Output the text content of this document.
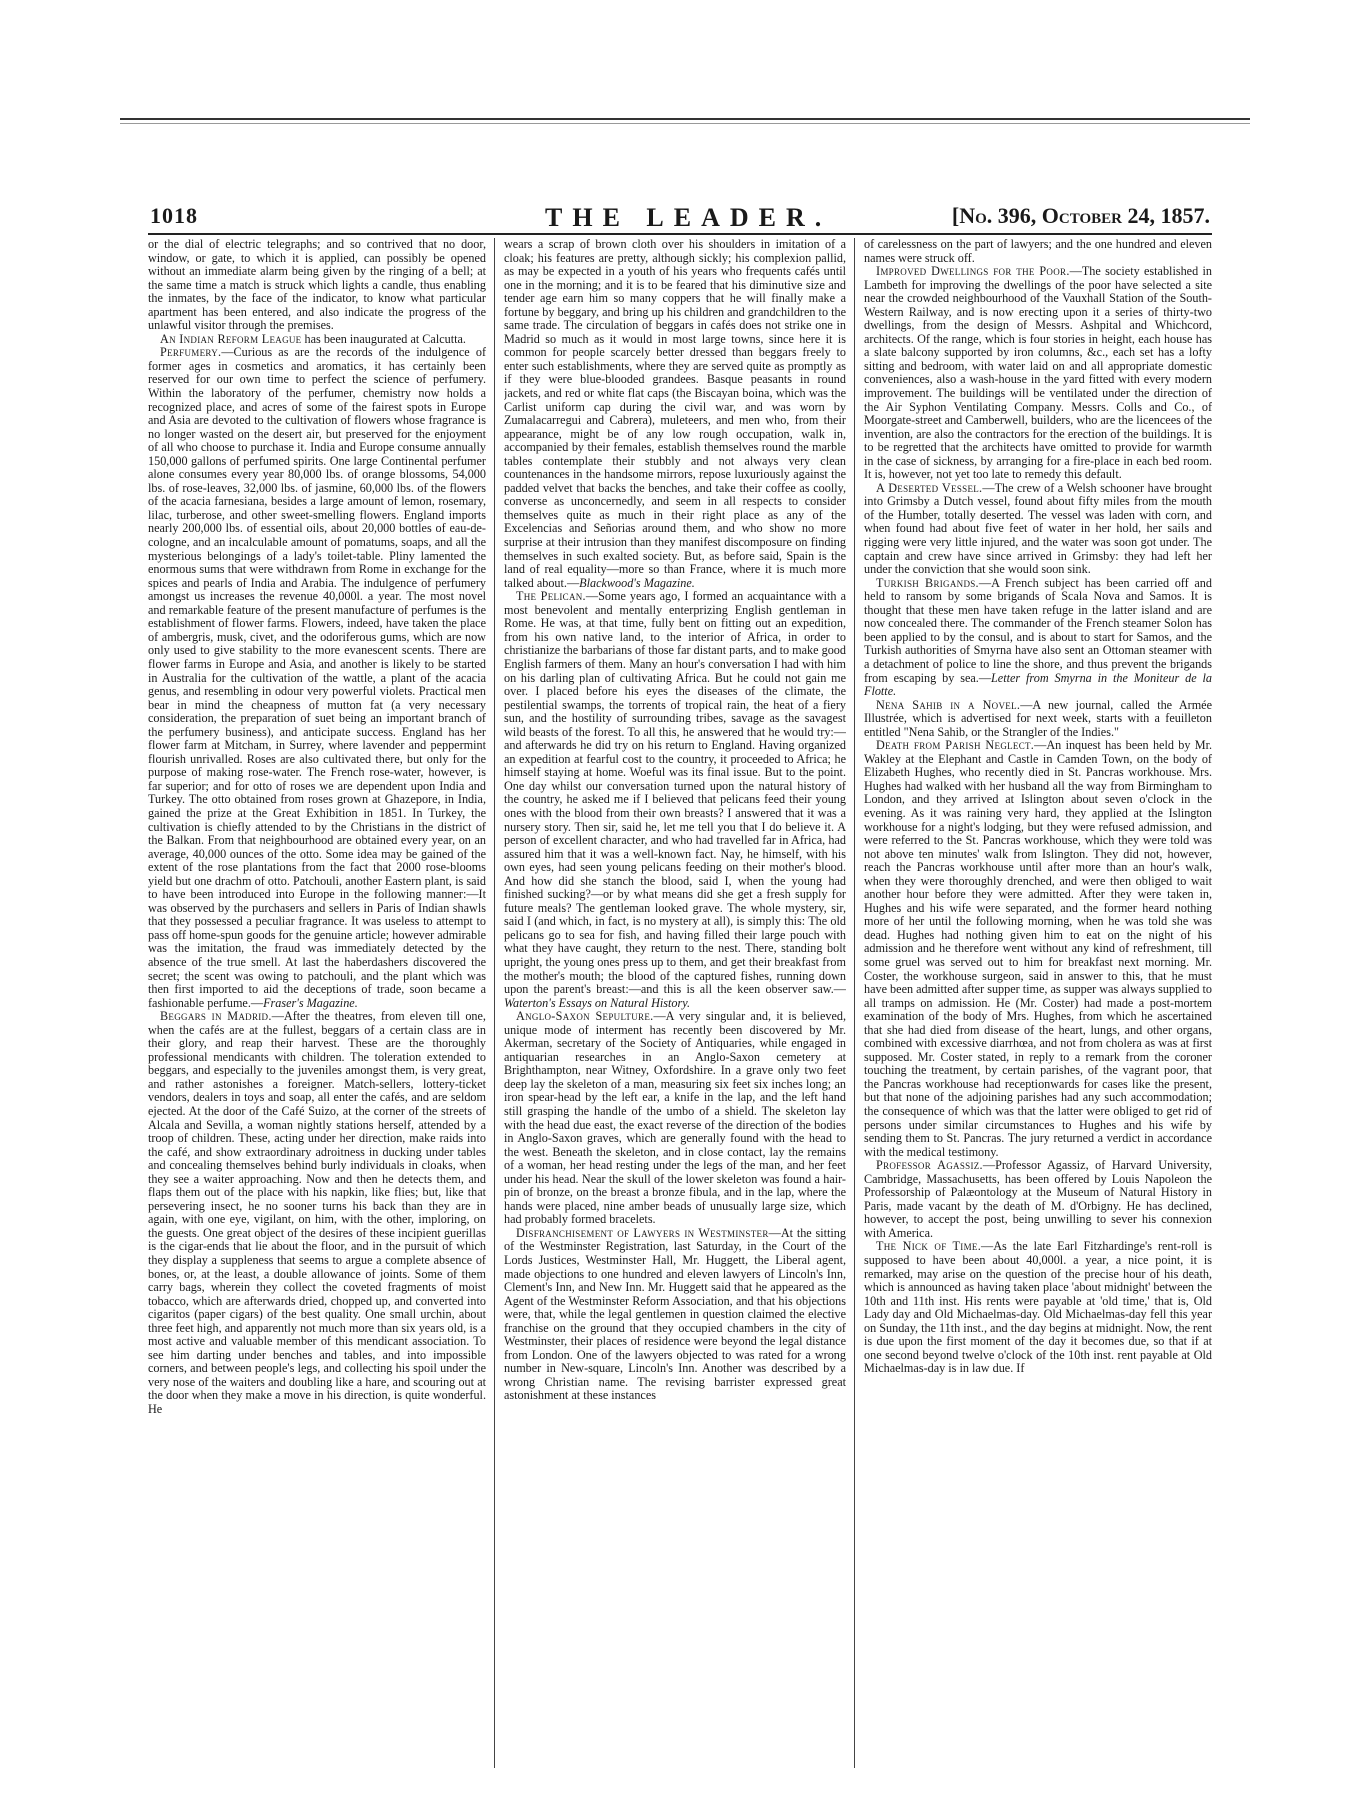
1018	THE LEADER.	[No. 396, October 24, 1857.

or the dial of electric telegraphs; and so contrived that no door, window, or gate, to which it is applied, can possibly be opened without an immediate alarm being given by the ringing of a bell; at the same time a match is struck which lights a candle, thus enabling the inmates, by the face of the indicator, to know what particular apartment has been entered, and also indicate the progress of the unlawful visitor through the premises.

An Indian Reform League has been inaugurated at Calcutta.

Perfumery.—Curious as are the records of the indulgence of former ages in cosmetics and aromatics, it has certainly been reserved for our own time to perfect the science of perfumery. Within the laboratory of the perfumer, chemistry now holds a recognized place, and acres of some of the fairest spots in Europe and Asia are devoted to the cultivation of flowers whose fragrance is no longer wasted on the desert air, but preserved for the enjoyment of all who choose to purchase it. India and Europe consume annually 150,000 gallons of perfumed spirits. One large Continental perfumer alone consumes every year 80,000 lbs. of orange blossoms, 54,000 lbs. of rose-leaves, 32,000 lbs. of jasmine, 60,000 lbs. of the flowers of the acacia farnesiana, besides a large amount of lemon, rosemary, lilac, turberose, and other sweet-smelling flowers. England imports nearly 200,000 lbs. of essential oils, about 20,000 bottles of eau-de-cologne, and an incalculable amount of pomatums, soaps, and all the mysterious belongings of a lady's toilet-table. Pliny lamented the enormous sums that were withdrawn from Rome in exchange for the spices and pearls of India and Arabia. The indulgence of perfumery amongst us increases the revenue 40,000l. a year. The most novel and remarkable feature of the present manufacture of perfumes is the establishment of flower farms. Flowers, indeed, have taken the place of ambergris, musk, civet, and the odoriferous gums, which are now only used to give stability to the more evanescent scents. There are flower farms in Europe and Asia, and another is likely to be started in Australia for the cultivation of the wattle, a plant of the acacia genus, and resembling in odour very powerful violets. Practical men bear in mind the cheapness of mutton fat (a very necessary consideration, the preparation of suet being an important branch of the perfumery business), and anticipate success. England has her flower farm at Mitcham, in Surrey, where lavender and peppermint flourish unrivalled. Roses are also cultivated there, but only for the purpose of making rose-water. The French rose-water, however, is far superior; and for otto of roses we are dependent upon India and Turkey. The otto obtained from roses grown at Ghazepore, in India, gained the prize at the Great Exhibition in 1851. In Turkey, the cultivation is chiefly attended to by the Christians in the district of the Balkan. From that neighbourhood are obtained every year, on an average, 40,000 ounces of the otto. Some idea may be gained of the extent of the rose plantations from the fact that 2000 rose-blooms yield but one drachm of otto. Patchouli, another Eastern plant, is said to have been introduced into Europe in the following manner:—It was observed by the purchasers and sellers in Paris of Indian shawls that they possessed a peculiar fragrance. It was useless to attempt to pass off home-spun goods for the genuine article; however admirable was the imitation, the fraud was immediately detected by the absence of the true smell. At last the haberdashers discovered the secret; the scent was owing to patchouli, and the plant which was then first imported to aid the deceptions of trade, soon became a fashionable perfume.—Fraser's Magazine.

Beggars in Madrid.—After the theatres, from eleven till one, when the cafés are at the fullest, beggars of a certain class are in their glory, and reap their harvest. These are the thoroughly professional mendicants with children. The toleration extended to beggars, and especially to the juveniles amongst them, is very great, and rather astonishes a foreigner. Match-sellers, lottery-ticket vendors, dealers in toys and soap, all enter the cafés, and are seldom ejected. At the door of the Café Suizo, at the corner of the streets of Alcala and Sevilla, a woman nightly stations herself, attended by a troop of children. These, acting under her direction, make raids into the café, and show extraordinary adroitness in ducking under tables and concealing themselves behind burly individuals in cloaks, when they see a waiter approaching. Now and then he detects them, and flaps them out of the place with his napkin, like flies; but, like that persevering insect, he no sooner turns his back than they are in again, with one eye, vigilant, on him, with the other, imploring, on the guests. One great object of the desires of these incipient guerillas is the cigar-ends that lie about the floor, and in the pursuit of which they display a suppleness that seems to argue a complete absence of bones, or, at the least, a double allowance of joints. Some of them carry bags, wherein they collect the coveted fragments of moist tobacco, which are afterwards dried, chopped up, and converted into cigaritos (paper cigars) of the best quality. One small urchin, about three feet high, and apparently not much more than six years old, is a most active and valuable member of this mendicant association. To see him darting under benches and tables, and into impossible corners, and between people's legs, and collecting his spoil under the very nose of the waiters and doubling like a hare, and scouring out at the door when they make a move in his direction, is quite wonderful. He

wears a scrap of brown cloth over his shoulders in imitation of a cloak; his features are pretty, although sickly; his complexion pallid, as may be expected in a youth of his years who frequents cafés until one in the morning; and it is to be feared that his diminutive size and tender age earn him so many coppers that he will finally make a fortune by beggary, and bring up his children and grandchildren to the same trade. The circulation of beggars in cafés does not strike one in Madrid so much as it would in most large towns, since here it is common for people scarcely better dressed than beggars freely to enter such establishments, where they are served quite as promptly as if they were blue-blooded grandees. Basque peasants in round jackets, and red or white flat caps (the Biscayan boina, which was the Carlist uniform cap during the civil war, and was worn by Zumalacarregui and Cabrera), muleteers, and men who, from their appearance, might be of any low rough occupation, walk in, accompanied by their females, establish themselves round the marble tables contemplate their stubbly and not always very clean countenances in the handsome mirrors, repose luxuriously against the padded velvet that backs the benches, and take their coffee as coolly, converse as unconcernedly, and seem in all respects to consider themselves quite as much in their right place as any of the Excelencias and Señorias around them, and who show no more surprise at their intrusion than they manifest discomposure on finding themselves in such exalted society. But, as before said, Spain is the land of real equality—more so than France, where it is much more talked about.—Blackwood's Magazine.

The Pelican.—Some years ago, I formed an acquaintance with a most benevolent and mentally enterprizing English gentleman in Rome. He was, at that time, fully bent on fitting out an expedition, from his own native land, to the interior of Africa, in order to christianize the barbarians of those far distant parts, and to make good English farmers of them. Many an hour's conversation I had with him on his darling plan of cultivating Africa. But he could not gain me over. I placed before his eyes the diseases of the climate, the pestilential swamps, the torrents of tropical rain, the heat of a fiery sun, and the hostility of surrounding tribes, savage as the savagest wild beasts of the forest. To all this, he answered that he would try:—and afterwards he did try on his return to England. Having organized an expedition at fearful cost to the country, it proceeded to Africa; he himself staying at home. Woeful was its final issue. But to the point. One day whilst our conversation turned upon the natural history of the country, he asked me if I believed that pelicans feed their young ones with the blood from their own breasts? I answered that it was a nursery story. Then sir, said he, let me tell you that I do believe it. A person of excellent character, and who had travelled far in Africa, had assured him that it was a well-known fact. Nay, he himself, with his own eyes, had seen young pelicans feeding on their mother's blood. And how did she stanch the blood, said I, when the young had finished sucking?—or by what means did she get a fresh supply for future meals? The gentleman looked grave. The whole mystery, sir, said I (and which, in fact, is no mystery at all), is simply this: The old pelicans go to sea for fish, and having filled their large pouch with what they have caught, they return to the nest. There, standing bolt upright, the young ones press up to them, and get their breakfast from the mother's mouth; the blood of the captured fishes, running down upon the parent's breast:—and this is all the keen observer saw.—Waterton's Essays on Natural History.

Anglo-Saxon Sepulture.—A very singular and, it is believed, unique mode of interment has recently been discovered by Mr. Akerman, secretary of the Society of Antiquaries, while engaged in antiquarian researches in an Anglo-Saxon cemetery at Brighthampton, near Witney, Oxfordshire. In a grave only two feet deep lay the skeleton of a man, measuring six feet six inches long; an iron spear-head by the left ear, a knife in the lap, and the left hand still grasping the handle of the umbo of a shield. The skeleton lay with the head due east, the exact reverse of the direction of the bodies in Anglo-Saxon graves, which are generally found with the head to the west. Beneath the skeleton, and in close contact, lay the remains of a woman, her head resting under the legs of the man, and her feet under his head. Near the skull of the lower skeleton was found a hair-pin of bronze, on the breast a bronze fibula, and in the lap, where the hands were placed, nine amber beads of unusually large size, which had probably formed bracelets.

Disfranchisement of Lawyers in Westminster—At the sitting of the Westminster Registration, last Saturday, in the Court of the Lords Justices, Westminster Hall, Mr. Huggett, the Liberal agent, made objections to one hundred and eleven lawyers of Lincoln's Inn, Clement's Inn, and New Inn. Mr. Huggett said that he appeared as the Agent of the Westminster Reform Association, and that his objections were, that, while the legal gentlemen in question claimed the elective franchise on the ground that they occupied chambers in the city of Westminster, their places of residence were beyond the legal distance from London. One of the lawyers objected to was rated for a wrong number in New-square, Lincoln's Inn. Another was described by a wrong Christian name. The revising barrister expressed great astonishment at these instances

of carelessness on the part of lawyers; and the one hundred and eleven names were struck off.

Improved Dwellings for the Poor.—The society established in Lambeth for improving the dwellings of the poor have selected a site near the crowded neighbourhood of the Vauxhall Station of the South-Western Railway, and is now erecting upon it a series of thirty-two dwellings, from the design of Messrs. Ashpital and Whichcord, architects. Of the range, which is four stories in height, each house has a slate balcony supported by iron columns, &c., each set has a lofty sitting and bedroom, with water laid on and all appropriate domestic conveniences, also a wash-house in the yard fitted with every modern improvement. The buildings will be ventilated under the direction of the Air Syphon Ventilating Company. Messrs. Colls and Co., of Moorgate-street and Camberwell, builders, who are the licencees of the invention, are also the contractors for the erection of the buildings. It is to be regretted that the architects have omitted to provide for warmth in the case of sickness, by arranging for a fire-place in each bed room. It is, however, not yet too late to remedy this default.

A Deserted Vessel.—The crew of a Welsh schooner have brought into Grimsby a Dutch vessel, found about fifty miles from the mouth of the Humber, totally deserted. The vessel was laden with corn, and when found had about five feet of water in her hold, her sails and rigging were very little injured, and the water was soon got under. The captain and crew have since arrived in Grimsby: they had left her under the conviction that she would soon sink.

Turkish Brigands.—A French subject has been carried off and held to ransom by some brigands of Scala Nova and Samos. It is thought that these men have taken refuge in the latter island and are now concealed there. The commander of the French steamer Solon has been applied to by the consul, and is about to start for Samos, and the Turkish authorities of Smyrna have also sent an Ottoman steamer with a detachment of police to line the shore, and thus prevent the brigands from escaping by sea.—Letter from Smyrna in the Moniteur de la Flotte.

Nena Sahib in a Novel.—A new journal, called the Armée Illustrée, which is advertised for next week, starts with a feuilleton entitled "Nena Sahib, or the Strangler of the Indies."

Death from Parish Neglect.—An inquest has been held by Mr. Wakley at the Elephant and Castle in Camden Town, on the body of Elizabeth Hughes, who recently died in St. Pancras workhouse. Mrs. Hughes had walked with her husband all the way from Birmingham to London, and they arrived at Islington about seven o'clock in the evening. As it was raining very hard, they applied at the Islington workhouse for a night's lodging, but they were refused admission, and were referred to the St. Pancras workhouse, which they were told was not above ten minutes' walk from Islington. They did not, however, reach the Pancras workhouse until after more than an hour's walk, when they were thoroughly drenched, and were then obliged to wait another hour before they were admitted. After they were taken in, Hughes and his wife were separated, and the former heard nothing more of her until the following morning, when he was told she was dead. Hughes had nothing given him to eat on the night of his admission and he therefore went without any kind of refreshment, till some gruel was served out to him for breakfast next morning. Mr. Coster, the workhouse surgeon, said in answer to this, that he must have been admitted after supper time, as supper was always supplied to all tramps on admission. He (Mr. Coster) had made a post-mortem examination of the body of Mrs. Hughes, from which he ascertained that she had died from disease of the heart, lungs, and other organs, combined with excessive diarrhœa, and not from cholera as was at first supposed. Mr. Coster stated, in reply to a remark from the coroner touching the treatment, by certain parishes, of the vagrant poor, that the Pancras workhouse had receptionwards for cases like the present, but that none of the adjoining parishes had any such accommodation; the consequence of which was that the latter were obliged to get rid of persons under similar circumstances to Hughes and his wife by sending them to St. Pancras. The jury returned a verdict in accordance with the medical testimony.

Professor Agassiz.—Professor Agassiz, of Harvard University, Cambridge, Massachusetts, has been offered by Louis Napoleon the Professorship of Palæontology at the Museum of Natural History in Paris, made vacant by the death of M. d'Orbigny. He has declined, however, to accept the post, being unwilling to sever his connexion with America.

The Nick of Time.—As the late Earl Fitzhardinge's rent-roll is supposed to have been about 40,000l. a year, a nice point, it is remarked, may arise on the question of the precise hour of his death, which is announced as having taken place 'about midnight' between the 10th and 11th inst. His rents were payable at 'old time,' that is, Old Lady day and Old Michaelmas-day. Old Michaelmas-day fell this year on Sunday, the 11th inst., and the day begins at midnight. Now, the rent is due upon the first moment of the day it becomes due, so that if at one second beyond twelve o'clock of the 10th inst. rent payable at Old Michaelmas-day is in law due. If
